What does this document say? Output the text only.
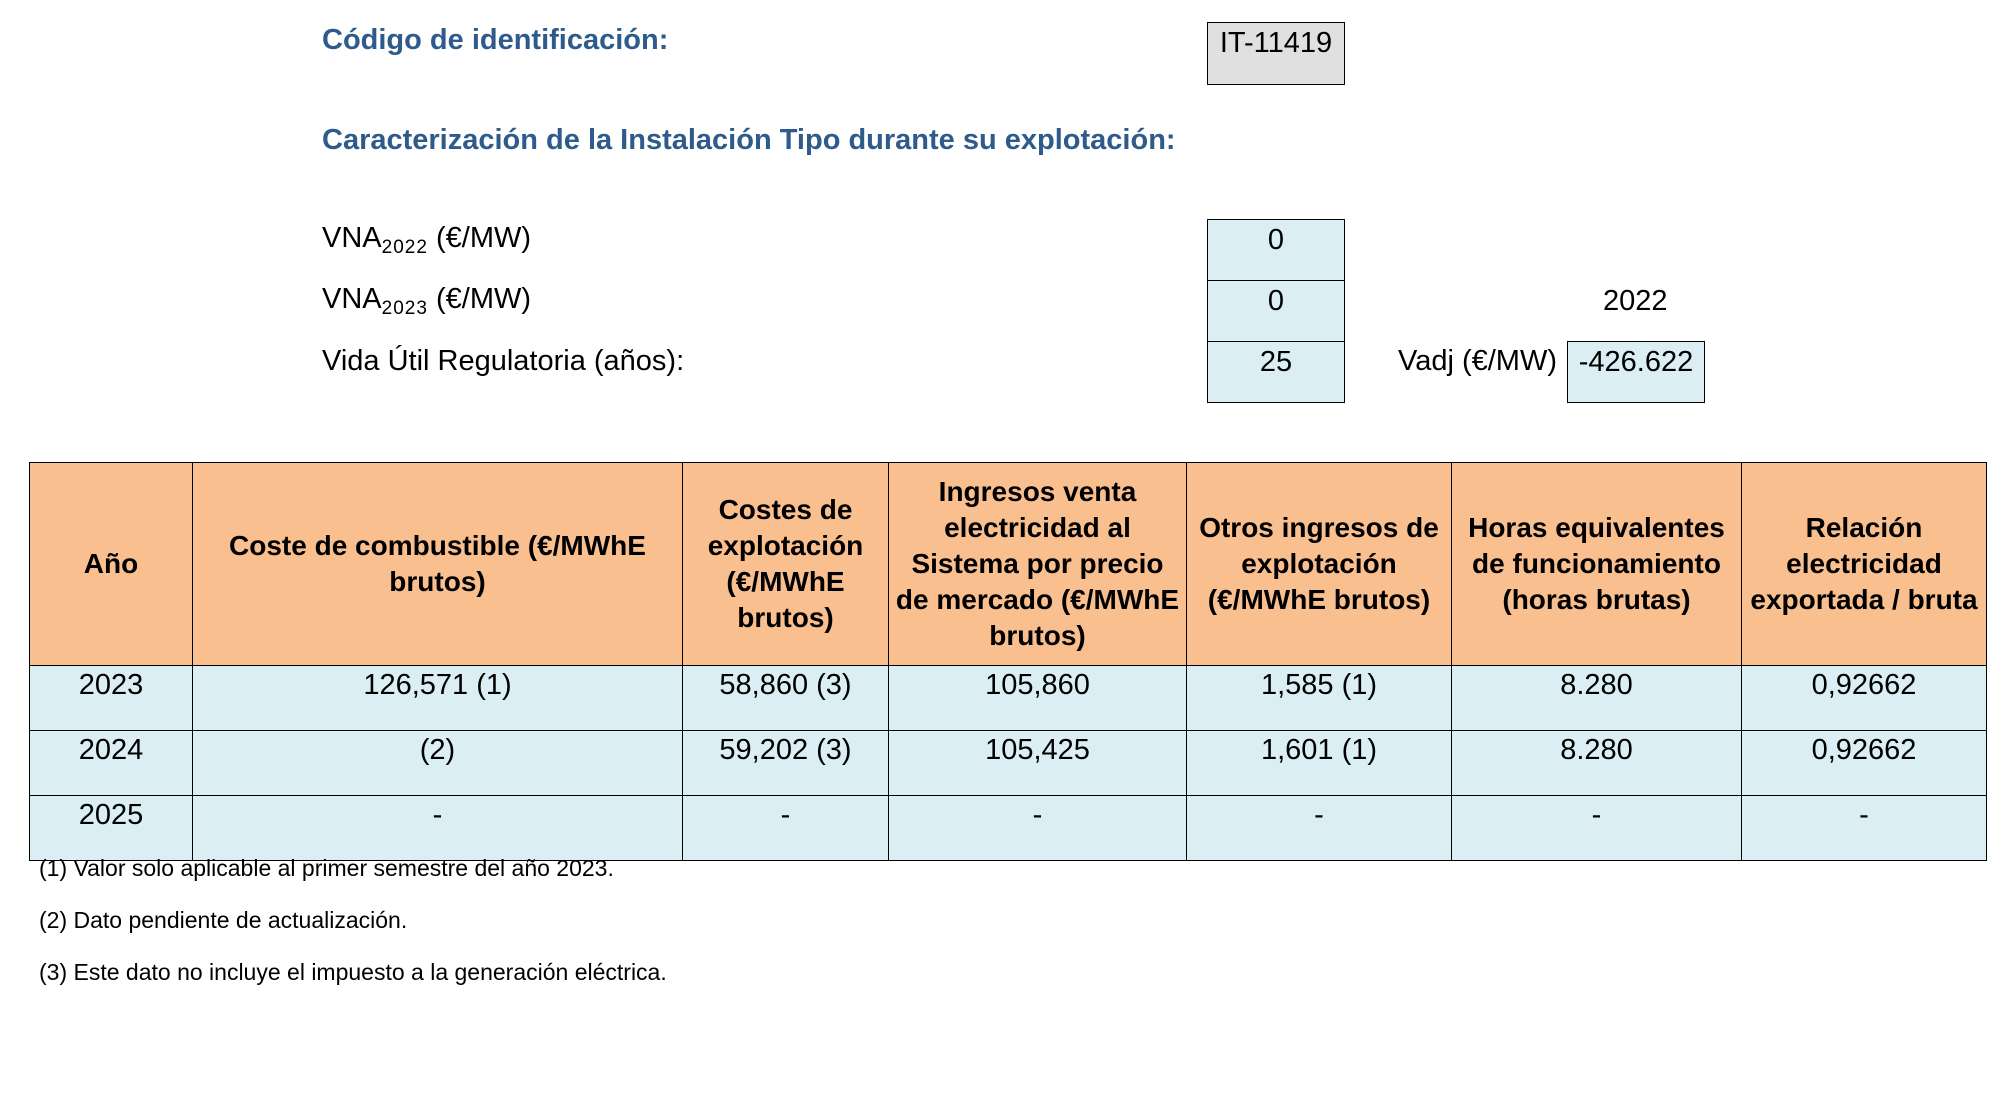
Código de identificación:	IT-11419
Caracterización de la Instalación Tipo durante su explotación:
$VNA_{2022}$ (€/MW)	0
$VNA_{2023}$ (€/MW)	0	2022
Vida Útil Regulatoria (años):	25	Vadj (€/MW) -426.622
Año	Coste de combustible (€/MWhE brutos)	Costes de explotación (€/MWhE brutos)	Ingresos venta electricidad al Sistema por precio de mercado (€/MWhE brutos)	Otros ingresos de explotación (€/MWhE brutos)	Horas equivalentes de funcionamiento (horas brutas)	Relación electricidad exportada / bruta
2023	126,571 (1)	58,860 (3)	105,860	1,585 (1)	8.280	0,92662
2024	(2)	59,202 (3)	105,425	1,601 (1)	8.280	0,92662
2025	-	-	-	-	-	-
(1) Valor solo aplicable al primer semestre del año 2023.
(2) Dato pendiente de actualización.
(3) Este dato no incluye el impuesto a la generación eléctrica.
